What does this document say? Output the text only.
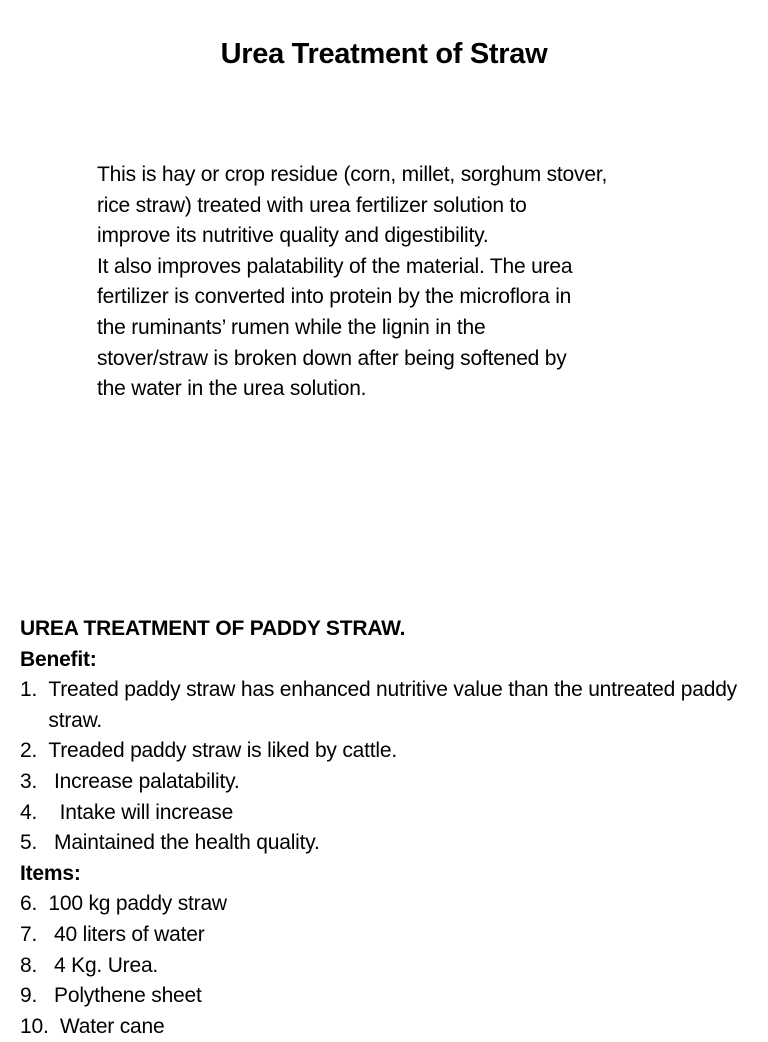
Urea Treatment of Straw

This is hay or crop residue (corn, millet, sorghum stover,
rice straw) treated with urea fertilizer solution to
improve its nutritive quality and digestibility.

It also improves palatability of the material. The urea
fertilizer is converted into protein by the microflora in
the ruminants’ rumen while the lignin in the
stover/straw is broken down after being softened by
the water in the urea solution.

UREA TREATMENT OF PADDY STRAW.

Benefit:

1. Treated paddy straw has enhanced nutritive value than the untreated paddy straw.
2. Treaded paddy straw is liked by cattle.
3. Increase palatability.
4. Intake will increase
5. Maintained the health quality.

Items:

6. 100 kg paddy straw
7. 40 liters of water
8. 4 Kg. Urea.
9. Polythene sheet
10. Water cane
